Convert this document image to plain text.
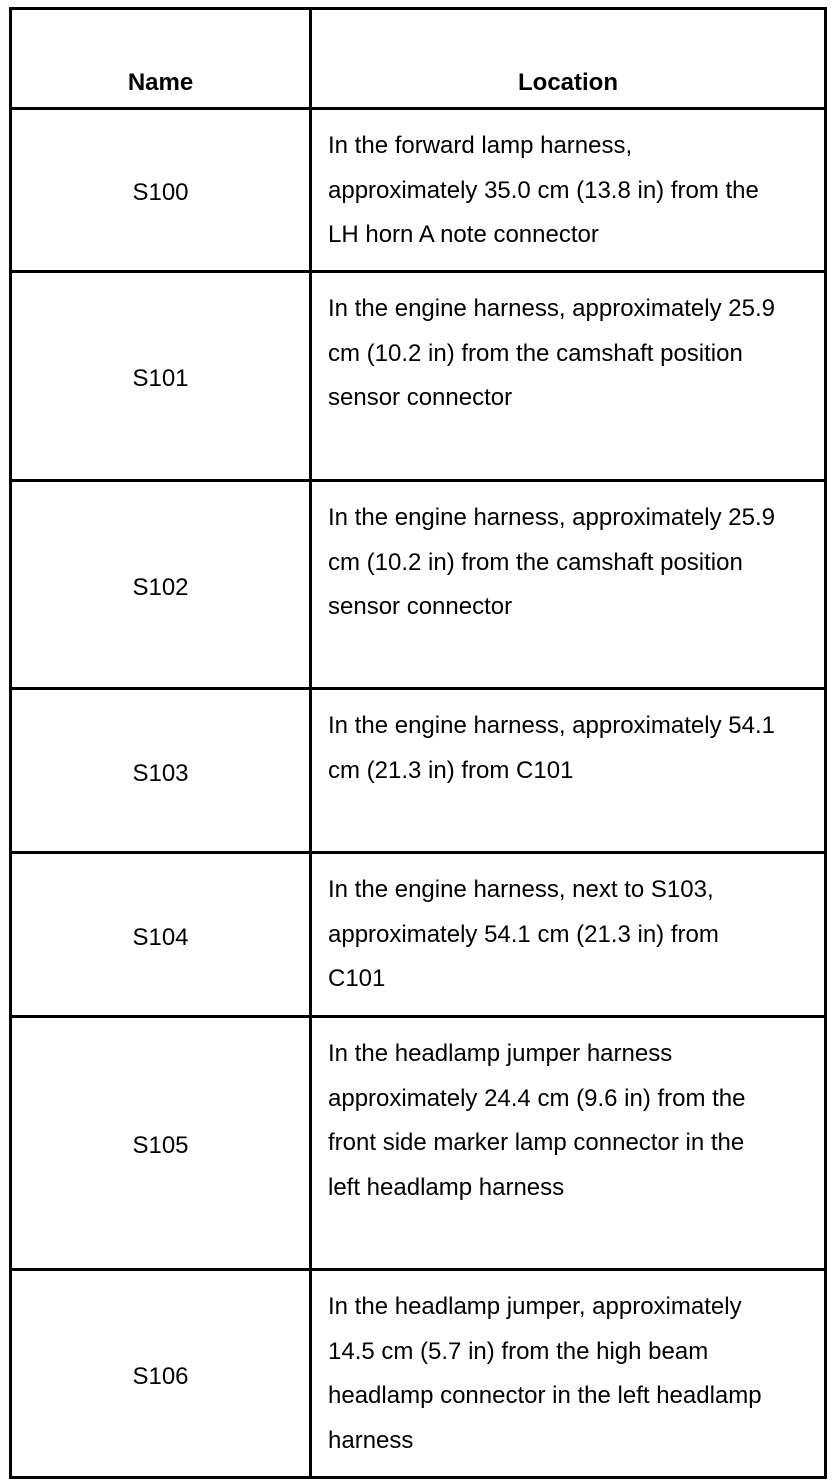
Name	Location
S100	In the forward lamp harness, approximately 35.0 cm (13.8 in) from the LH horn A note connector
S101	In the engine harness, approximately 25.9 cm (10.2 in) from the camshaft position sensor connector
S102	In the engine harness, approximately 25.9 cm (10.2 in) from the camshaft position sensor connector
S103	In the engine harness, approximately 54.1 cm (21.3 in) from C101
S104	In the engine harness, next to S103, approximately 54.1 cm (21.3 in) from C101
S105	In the headlamp jumper harness approximately 24.4 cm (9.6 in) from the front side marker lamp connector in the left headlamp harness
S106	In the headlamp jumper, approximately 14.5 cm (5.7 in) from the high beam headlamp connector in the left headlamp harness
